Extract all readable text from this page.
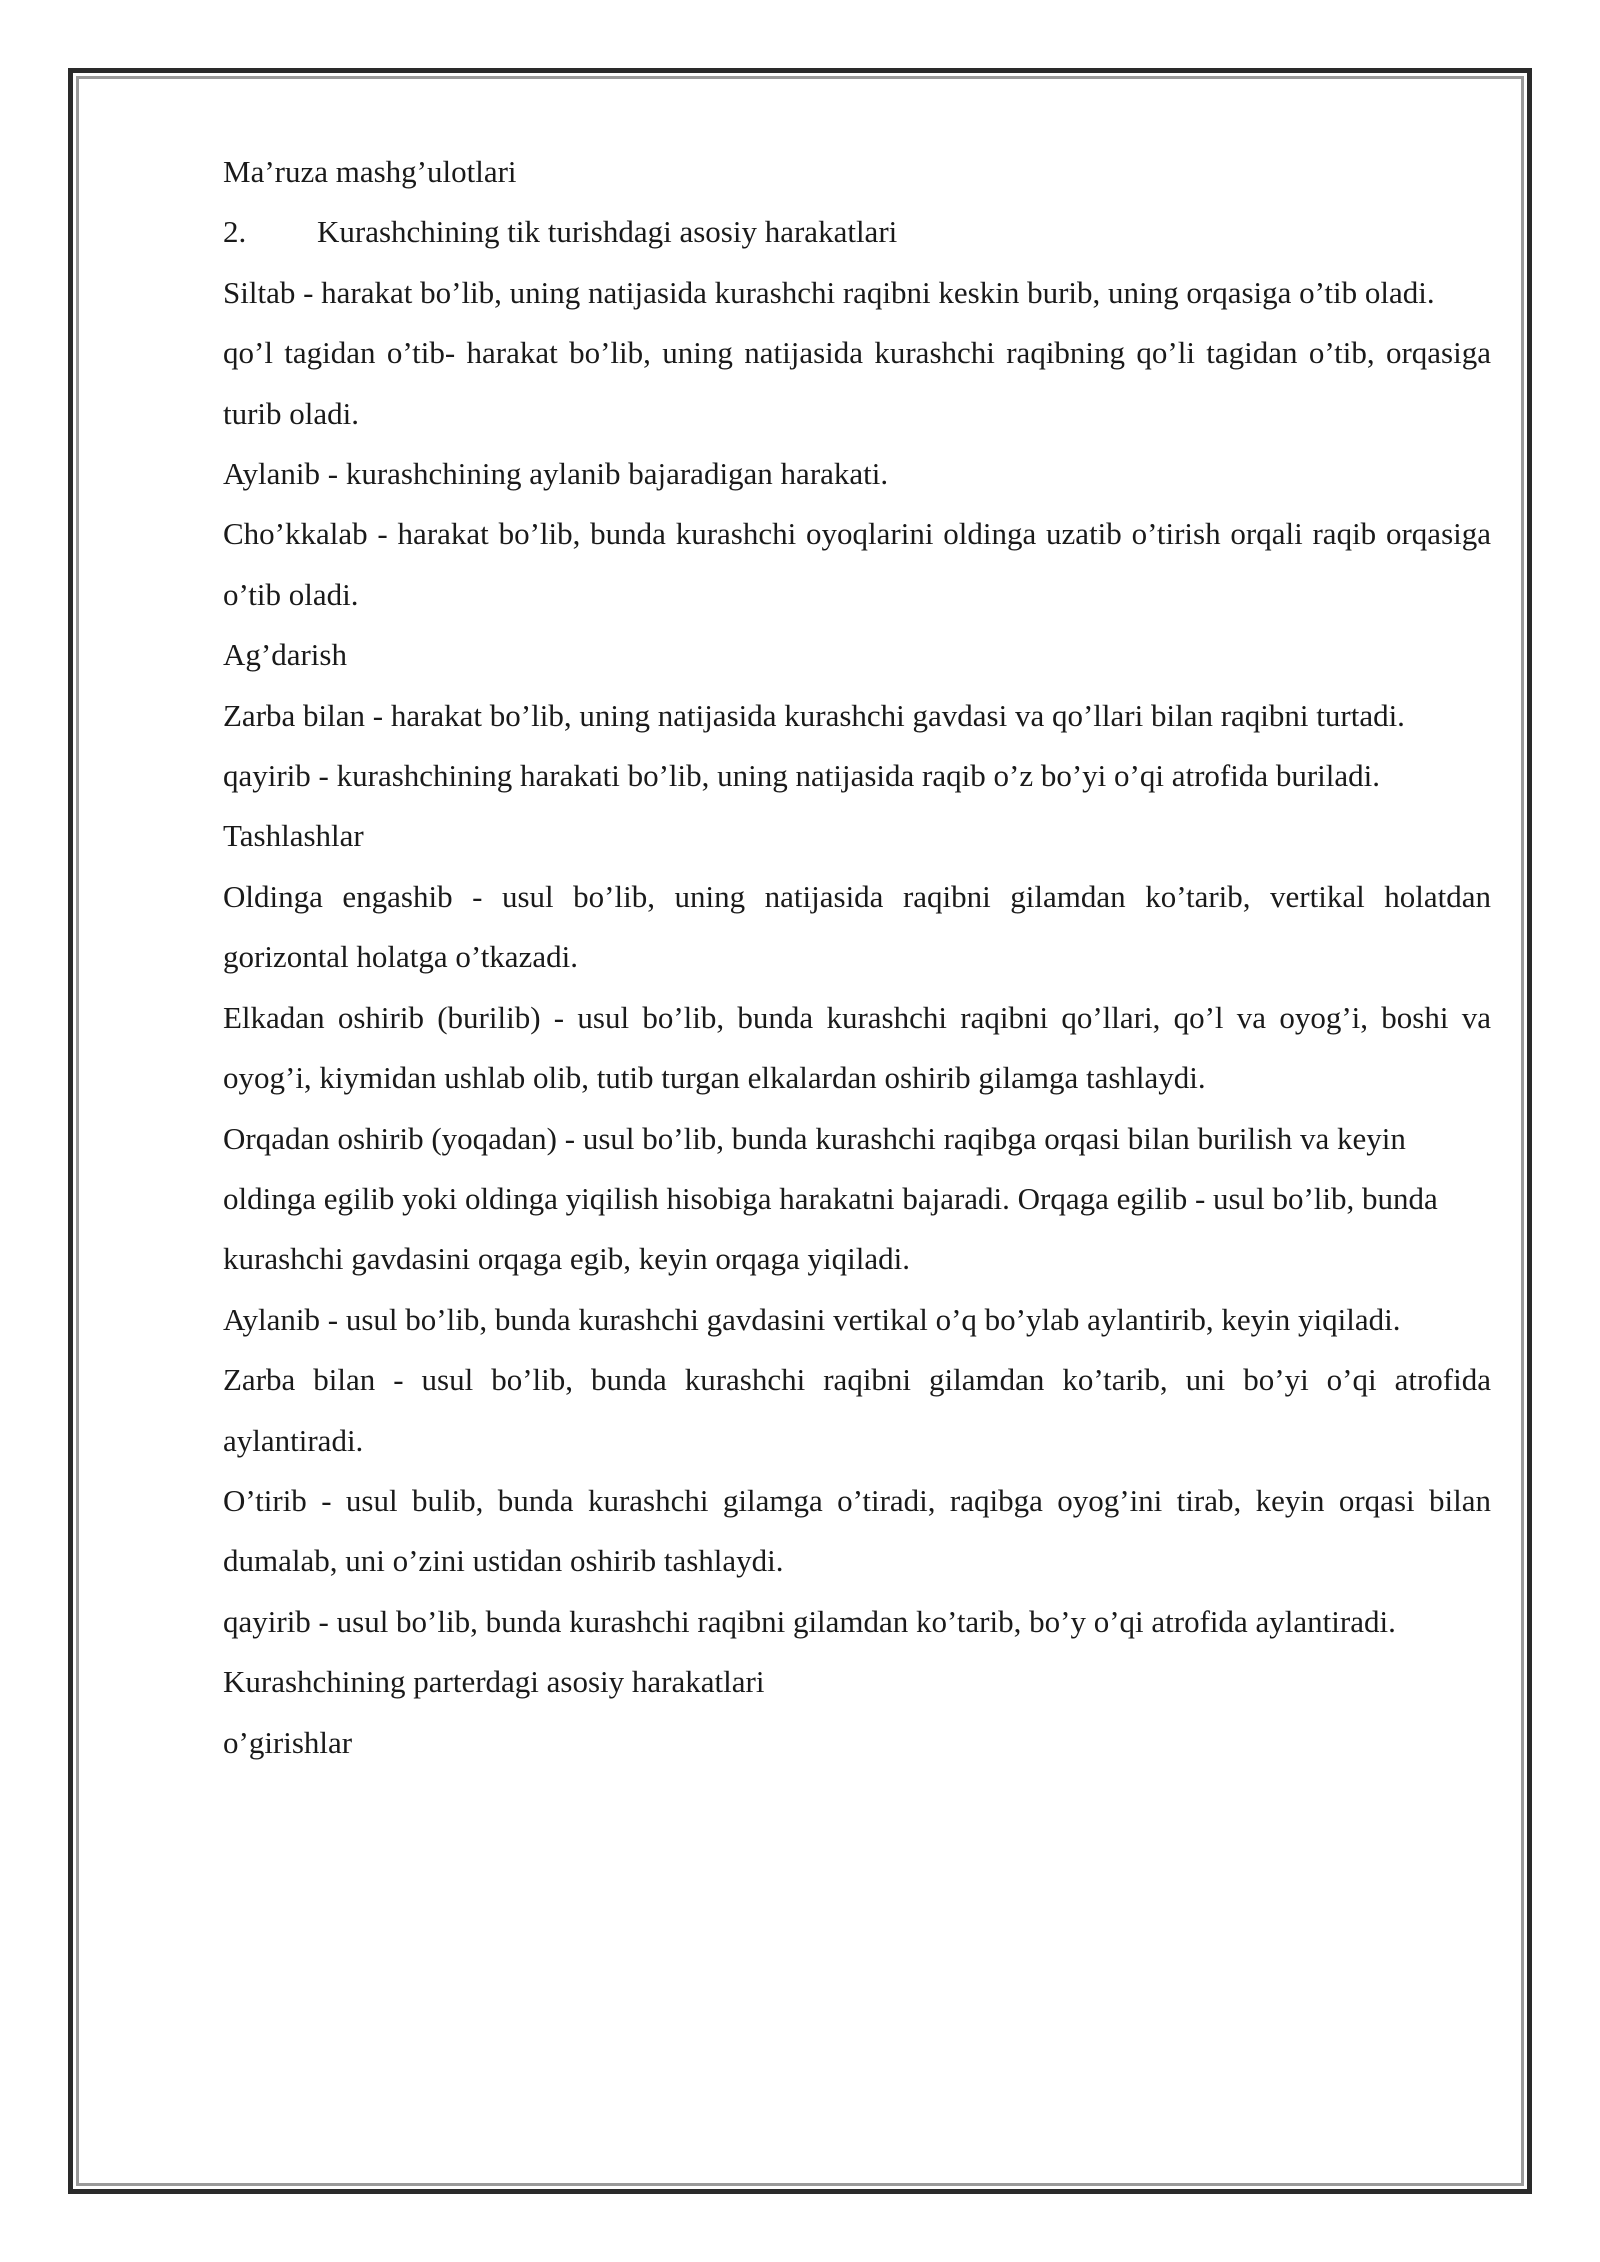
Ma’ruza mashg’ulotlari

2.	Kurashchining tik turishdagi asosiy harakatlari

Siltab - harakat bo’lib, uning natijasida kurashchi raqibni keskin burib, uning orqasiga o’tib oladi.

qo’l tagidan o’tib- harakat bo’lib, uning natijasida kurashchi raqibning qo’li tagidan o’tib, orqasiga turib oladi.

Aylanib - kurashchining aylanib bajaradigan harakati.

Cho’kkalab - harakat bo’lib, bunda kurashchi oyoqlarini oldinga uzatib o’tirish orqali raqib orqasiga o’tib oladi.

Ag’darish

Zarba bilan - harakat bo’lib, uning natijasida kurashchi gavdasi va qo’llari bilan raqibni turtadi.

qayirib - kurashchining harakati bo’lib, uning natijasida raqib o’z bo’yi o’qi atrofida buriladi.

Tashlashlar

Oldinga engashib - usul bo’lib, uning natijasida raqibni gilamdan ko’tarib, vertikal holatdan gorizontal holatga o’tkazadi.

Elkadan oshirib (burilib) - usul bo’lib, bunda kurashchi raqibni qo’llari, qo’l va oyog’i, boshi va oyog’i, kiymidan ushlab olib, tutib turgan elkalardan oshirib gilamga tashlaydi.

Orqadan oshirib (yoqadan) - usul bo’lib, bunda kurashchi raqibga orqasi bilan burilish va keyin oldinga egilib yoki oldinga yiqilish hisobiga harakatni bajaradi. Orqaga egilib - usul bo’lib, bunda kurashchi gavdasini orqaga egib, keyin orqaga yiqiladi.

Aylanib - usul bo’lib, bunda kurashchi gavdasini vertikal o’q bo’ylab aylantirib, keyin yiqiladi.

Zarba bilan - usul bo’lib, bunda kurashchi raqibni gilamdan ko’tarib, uni bo’yi o’qi atrofida aylantiradi.

O’tirib - usul bulib, bunda kurashchi gilamga o’tiradi, raqibga oyog’ini tirab, keyin orqasi bilan dumalab, uni o’zini ustidan oshirib tashlaydi.

qayirib - usul bo’lib, bunda kurashchi raqibni gilamdan ko’tarib, bo’y o’qi atrofida aylantiradi.

Kurashchining parterdagi asosiy harakatlari

o’girishlar
